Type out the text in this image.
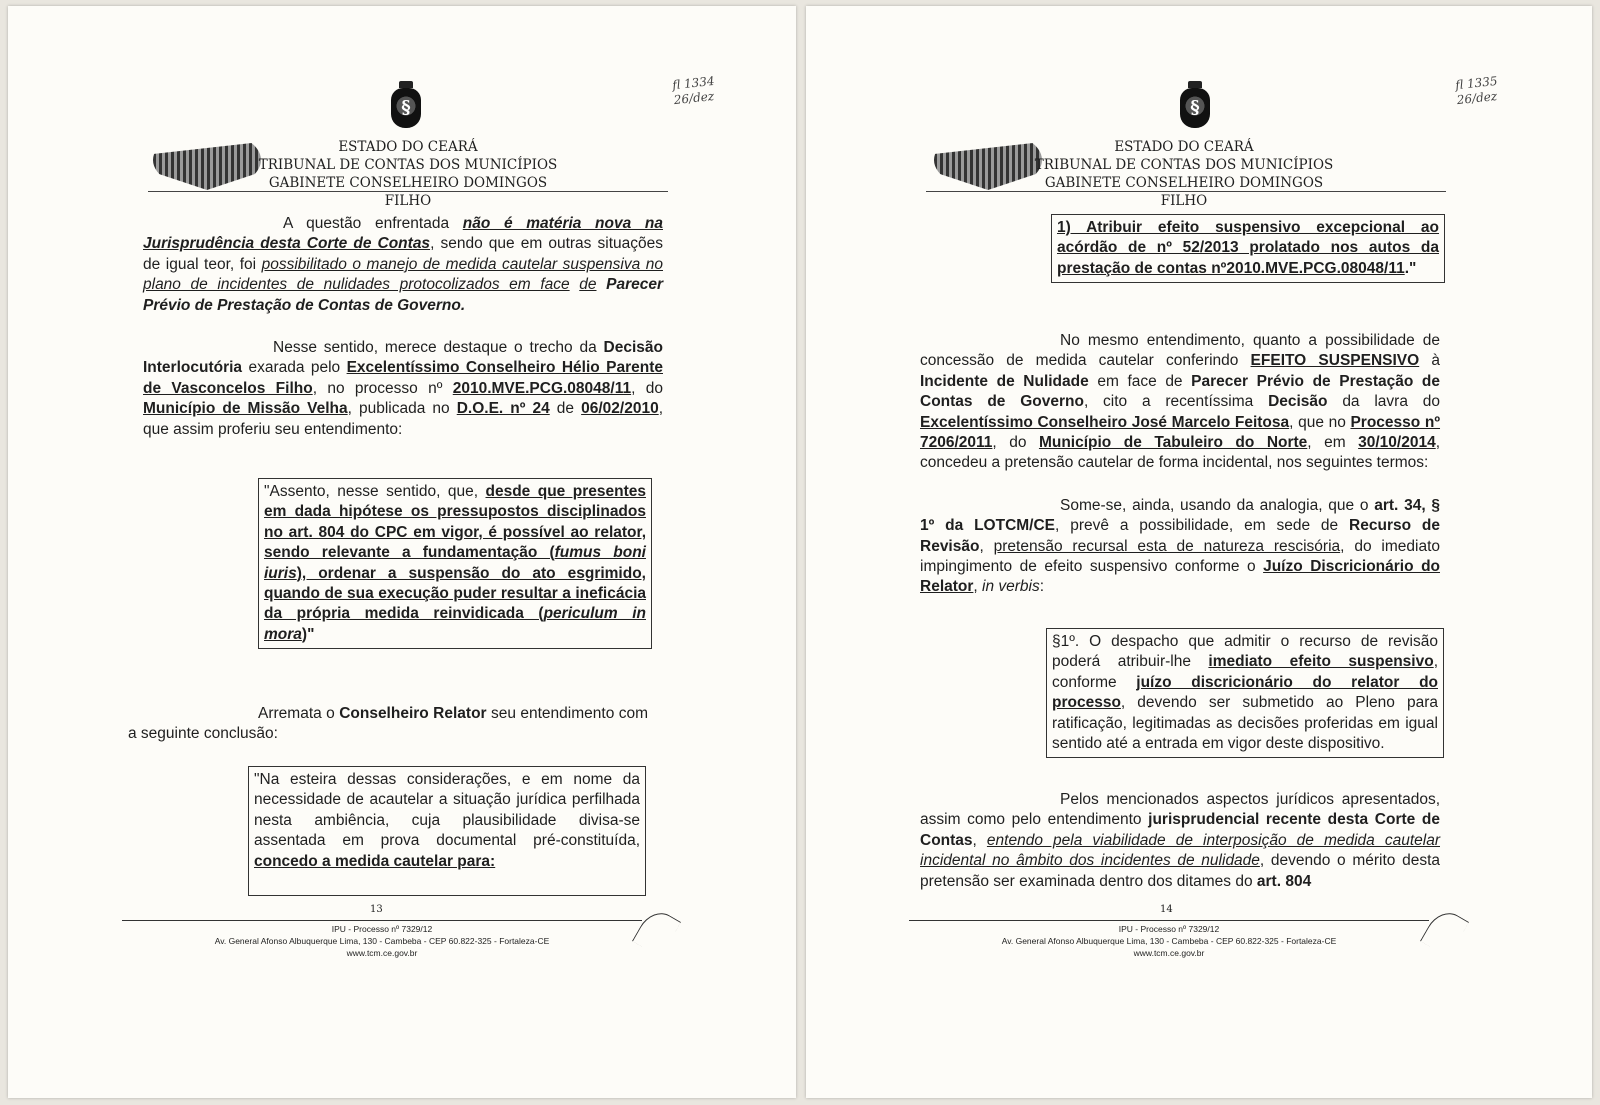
§
ESTADO DO CEARÁ
TRIBUNAL DE CONTAS DOS MUNICÍPIOS
GABINETE CONSELHEIRO DOMINGOS FILHO
fl 1334
26/dez

A questão enfrentada não é matéria nova na Jurisprudência desta Corte de Contas, sendo que em outras situações de igual teor, foi possibilitado o manejo de medida cautelar suspensiva no plano de incidentes de nulidades protocolizados em face de Parecer Prévio de Prestação de Contas de Governo.

Nesse sentido, merece destaque o trecho da Decisão Interlocutória exarada pelo Excelentíssimo Conselheiro Hélio Parente de Vasconcelos Filho, no processo nº 2010.MVE.PCG.08048/11, do Município de Missão Velha, publicada no D.O.E. nº 24 de 06/02/2010, que assim proferiu seu entendimento:

"Assento, nesse sentido, que, desde que presentes em dada hipótese os pressupostos disciplinados no art. 804 do CPC em vigor, é possível ao relator, sendo relevante a fundamentação (fumus boni iuris), ordenar a suspensão do ato esgrimido, quando de sua execução puder resultar a ineficácia da própria medida reinvidicada (periculum in mora)"

Arremata o Conselheiro Relator seu entendimento com a seguinte conclusão:

"Na esteira dessas considerações, e em nome da necessidade de acautelar a situação jurídica perfilhada nesta ambiência, cuja plausibilidade divisa-se assentada em prova documental pré-constituída, concedo a medida cautelar para:

13
IPU - Processo nº 7329/12
Av. General Afonso Albuquerque Lima, 130 - Cambeba - CEP 60.822-325 - Fortaleza-CE
www.tcm.ce.gov.br
§
ESTADO DO CEARÁ
TRIBUNAL DE CONTAS DOS MUNICÍPIOS
GABINETE CONSELHEIRO DOMINGOS FILHO
fl 1335
26/dez

1) Atribuir efeito suspensivo excepcional ao acórdão de nº 52/2013 prolatado nos autos da prestação de contas nº2010.MVE.PCG.08048/11."

No mesmo entendimento, quanto a possibilidade de concessão de medida cautelar conferindo EFEITO SUSPENSIVO à Incidente de Nulidade em face de Parecer Prévio de Prestação de Contas de Governo, cito a recentíssima Decisão da lavra do Excelentíssimo Conselheiro José Marcelo Feitosa, que no Processo nº 7206/2011, do Município de Tabuleiro do Norte, em 30/10/2014, concedeu a pretensão cautelar de forma incidental, nos seguintes termos:

Some-se, ainda, usando da analogia, que o art. 34, § 1º da LOTCM/CE, prevê a possibilidade, em sede de Recurso de Revisão, pretensão recursal esta de natureza rescisória, do imediato impingimento de efeito suspensivo conforme o Juízo Discricionário do Relator, in verbis:

§1º. O despacho que admitir o recurso de revisão poderá atribuir-lhe imediato efeito suspensivo, conforme juízo discricionário do relator do processo, devendo ser submetido ao Pleno para ratificação, legitimadas as decisões proferidas em igual sentido até a entrada em vigor deste dispositivo.

Pelos mencionados aspectos jurídicos apresentados, assim como pelo entendimento jurisprudencial recente desta Corte de Contas, entendo pela viabilidade de interposição de medida cautelar incidental no âmbito dos incidentes de nulidade, devendo o mérito desta pretensão ser examinada dentro dos ditames do art. 804

14
IPU - Processo nº 7329/12
Av. General Afonso Albuquerque Lima, 130 - Cambeba - CEP 60.822-325 - Fortaleza-CE
www.tcm.ce.gov.br
